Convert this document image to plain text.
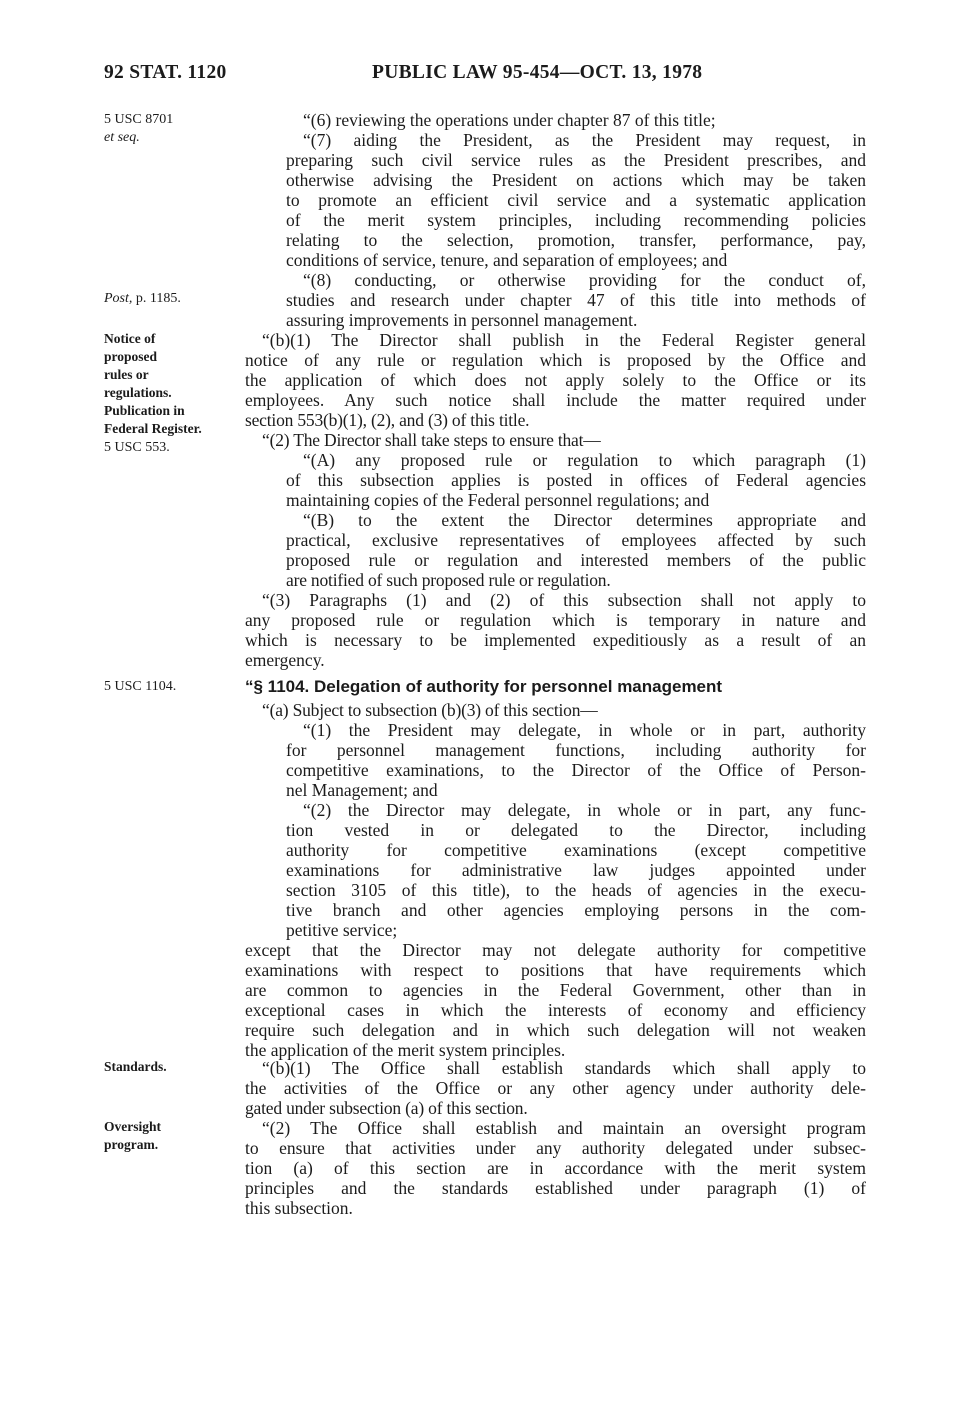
92 STAT. 1120	PUBLIC LAW 95-454—OCT. 13, 1978
5 USC 8701
et seq.
Post, p. 1185.
Notice of
proposed
rules or
regulations.
Publication in
Federal Register.
5 USC 553.
5 USC 1104.
Standards.
Oversight
program.
“(6) reviewing the operations under chapter 87 of this title;
“(7) aiding the President, as the President may request, in
preparing such civil service rules as the President prescribes, and
otherwise advising the President on actions which may be taken
to promote an efficient civil service and a systematic application
of the merit system principles, including recommending policies
relating to the selection, promotion, transfer, performance, pay,
conditions of service, tenure, and separation of employees; and
“(8) conducting, or otherwise providing for the conduct of,
studies and research under chapter 47 of this title into methods of
assuring improvements in personnel management.
“(b)(1) The Director shall publish in the Federal Register general
notice of any rule or regulation which is proposed by the Office and
the application of which does not apply solely to the Office or its
employees. Any such notice shall include the matter required under
section 553(b)(1), (2), and (3) of this title.
“(2) The Director shall take steps to ensure that—
“(A) any proposed rule or regulation to which paragraph (1)
of this subsection applies is posted in offices of Federal agencies
maintaining copies of the Federal personnel regulations; and
“(B) to the extent the Director determines appropriate and
practical, exclusive representatives of employees affected by such
proposed rule or regulation and interested members of the public
are notified of such proposed rule or regulation.
“(3) Paragraphs (1) and (2) of this subsection shall not apply to
any proposed rule or regulation which is temporary in nature and
which is necessary to be implemented expeditiously as a result of an
emergency.
“§ 1104. Delegation of authority for personnel management
“(a) Subject to subsection (b)(3) of this section—
“(1) the President may delegate, in whole or in part, authority
for personnel management functions, including authority for
competitive examinations, to the Director of the Office of Person-
nel Management; and
“(2) the Director may delegate, in whole or in part, any func-
tion vested in or delegated to the Director, including
authority for competitive examinations (except competitive
examinations for administrative law judges appointed under
section 3105 of this title), to the heads of agencies in the execu-
tive branch and other agencies employing persons in the com-
petitive service;
except that the Director may not delegate authority for competitive
examinations with respect to positions that have requirements which
are common to agencies in the Federal Government, other than in
exceptional cases in which the interests of economy and efficiency
require such delegation and in which such delegation will not weaken
the application of the merit system principles.
“(b)(1) The Office shall establish standards which shall apply to
the activities of the Office or any other agency under authority dele-
gated under subsection (a) of this section.
“(2) The Office shall establish and maintain an oversight program
to ensure that activities under any authority delegated under subsec-
tion (a) of this section are in accordance with the merit system
principles and the standards established under paragraph (1) of
this subsection.
